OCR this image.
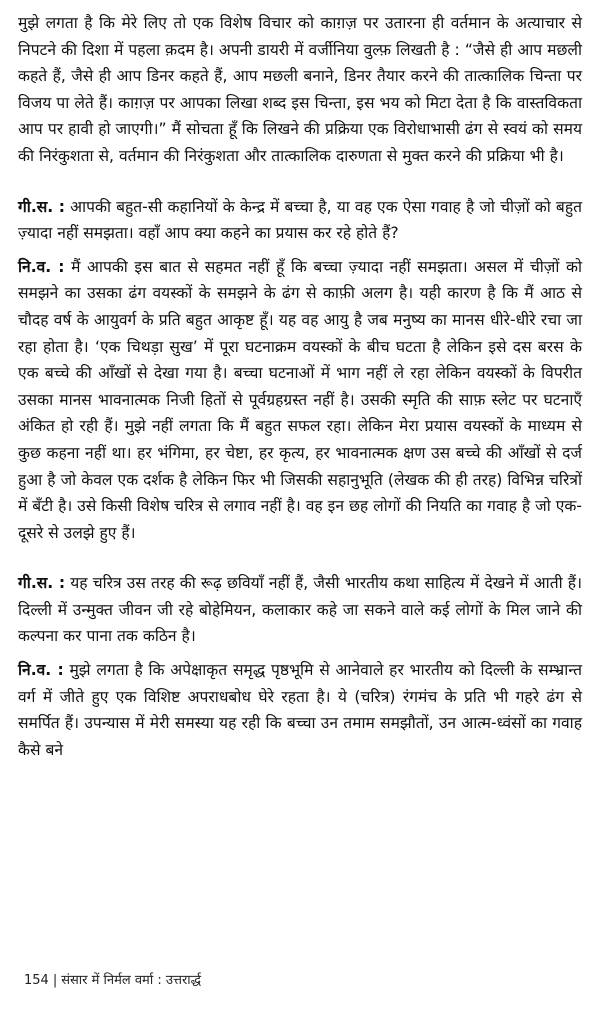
मुझे लगता है कि मेरे लिए तो एक विशेष विचार को काग़ज़ पर उतारना ही वर्तमान के अत्याचार से निपटने की दिशा में पहला क़दम है। अपनी डायरी में वर्जीनिया वुल्फ़ लिखती है : “जैसे ही आप मछली कहते हैं, जैसे ही आप डिनर कहते हैं, आप मछली बनाने, डिनर तैयार करने की तात्कालिक चिन्ता पर विजय पा लेते हैं। काग़ज़ पर आपका लिखा शब्द इस चिन्ता, इस भय को मिटा देता है कि वास्तविकता आप पर हावी हो जाएगी।” मैं सोचता हूँ कि लिखने की प्रक्रिया एक विरोधाभासी ढंग से स्वयं को समय की निरंकुशता से, वर्तमान की निरंकुशता और तात्कालिक दारुणता से मुक्त करने की प्रक्रिया भी है।

गी.स. : आपकी बहुत-सी कहानियों के केन्द्र में बच्चा है, या वह एक ऐसा गवाह है जो चीज़ों को बहुत ज़्यादा नहीं समझता। वहाँ आप क्या कहने का प्रयास कर रहे होते हैं?

नि.व. : मैं आपकी इस बात से सहमत नहीं हूँ कि बच्चा ज़्यादा नहीं समझता। असल में चीज़ों को समझने का उसका ढंग वयस्कों के समझने के ढंग से काफ़ी अलग है। यही कारण है कि मैं आठ से चौदह वर्ष के आयुवर्ग के प्रति बहुत आकृष्ट हूँ। यह वह आयु है जब मनुष्य का मानस धीरे-धीरे रचा जा रहा होता है। ‘एक चिथड़ा सुख’ में पूरा घटनाक्रम वयस्कों के बीच घटता है लेकिन इसे दस बरस के एक बच्चे की आँखों से देखा गया है। बच्चा घटनाओं में भाग नहीं ले रहा लेकिन वयस्कों के विपरीत उसका मानस भावनात्मक निजी हितों से पूर्वग्रहग्रस्त नहीं है। उसकी स्मृति की साफ़ स्लेट पर घटनाएँ अंकित हो रही हैं। मुझे नहीं लगता कि मैं बहुत सफल रहा। लेकिन मेरा प्रयास वयस्कों के माध्यम से कुछ कहना नहीं था। हर भंगिमा, हर चेष्टा, हर कृत्य, हर भावनात्मक क्षण उस बच्चे की आँखों से दर्ज हुआ है जो केवल एक दर्शक है लेकिन फिर भी जिसकी सहानुभूति (लेखक की ही तरह) विभिन्न चरित्रों में बँटी है। उसे किसी विशेष चरित्र से लगाव नहीं है। वह इन छह लोगों की नियति का गवाह है जो एक-दूसरे से उलझे हुए हैं।

गी.स. : यह चरित्र उस तरह की रूढ़ छवियाँ नहीं हैं, जैसी भारतीय कथा साहित्य में देखने में आती हैं। दिल्ली में उन्मुक्त जीवन जी रहे बोहेमियन, कलाकार कहे जा सकने वाले कई लोगों के मिल जाने की कल्पना कर पाना तक कठिन है।

नि.व. : मुझे लगता है कि अपेक्षाकृत समृद्ध पृष्ठभूमि से आनेवाले हर भारतीय को दिल्ली के सम्भ्रान्त वर्ग में जीते हुए एक विशिष्ट अपराधबोध घेरे रहता है। ये (चरित्र) रंगमंच के प्रति भी गहरे ढंग से समर्पित हैं। उपन्यास में मेरी समस्या यह रही कि बच्चा उन तमाम समझौतों, उन आत्म-ध्वंसों का गवाह कैसे बने

154 | संसार में निर्मल वर्मा : उत्तरार्द्ध
